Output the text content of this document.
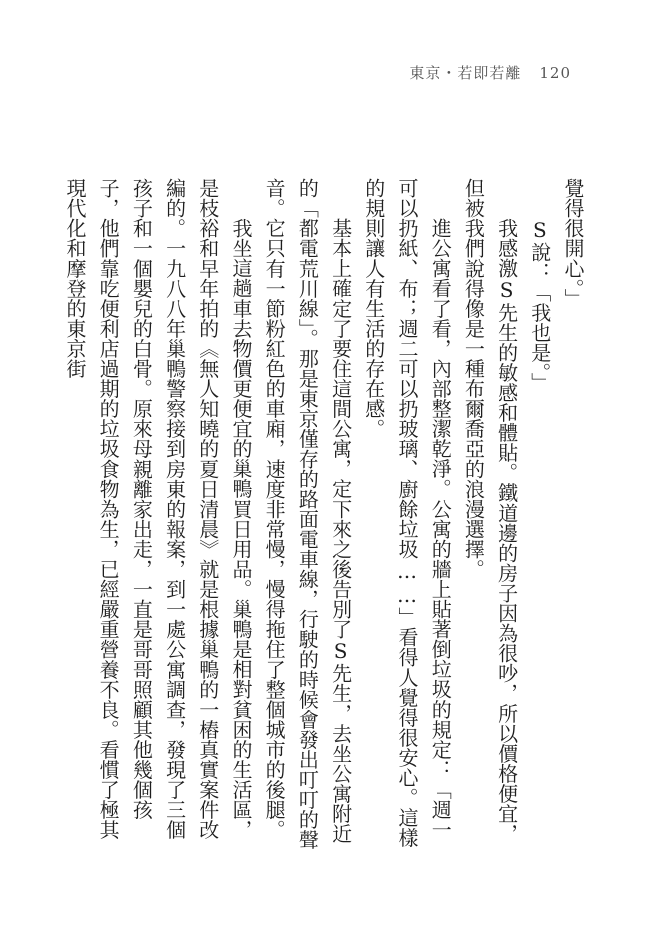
東京・若即若離 120

覺得很開心。」

S說：「我也是。」

我感激S先生的敏感和體貼。鐵道邊的房子因為很吵，所以價格便宜，但被我們說得像是一種布爾喬亞的浪漫選擇。

進公寓看了看，內部整潔乾淨。公寓的牆上貼著倒垃圾的規定：「週一可以扔紙、布；週二可以扔玻璃、廚餘垃圾……」看得人覺得很安心。這樣的規則讓人有生活的存在感。

基本上確定了要住這間公寓，定下來之後告別了S先生，去坐公寓附近的「都電荒川線」。那是東京僅存的路面電車線，行駛的時候會發出叮叮的聲音。它只有一節粉紅色的車廂，速度非常慢，慢得拖住了整個城市的後腿。

我坐這趟車去物價更便宜的巢鴨買日用品。巢鴨是相對貧困的生活區，是枝裕和早年拍的《無人知曉的夏日清晨》就是根據巢鴨的一樁真實案件改編的。一九八八年巢鴨警察接到房東的報案，到一處公寓調查，發現了三個孩子和一個嬰兒的白骨。原來母親離家出走，一直是哥哥照顧其他幾個孩子，他們靠吃便利店過期的垃圾食物為生，已經嚴重營養不良。看慣了極其現代化和摩登的東京街
